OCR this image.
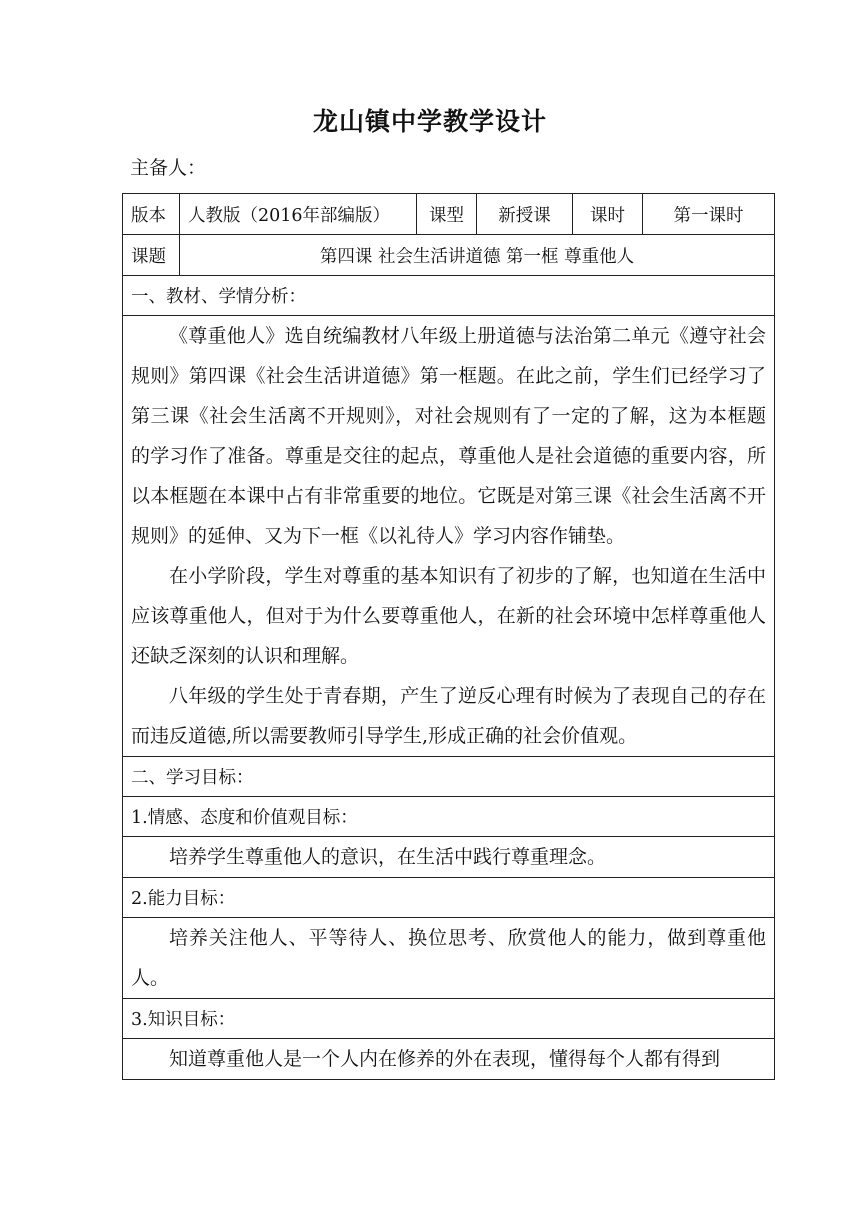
龙山镇中学教学设计
主备人：
版本	人教版（2016年部编版）	课型	新授课	课时	第一课时
课题	第四课 社会生活讲道德 第一框 尊重他人				
一、教材、学情分析：					

《尊重他人》选自统编教材八年级上册道德与法治第二单元《遵守社会规则》第四课《社会生活讲道德》第一框题。在此之前，学生们已经学习了第三课《社会生活离不开规则》，对社会规则有了一定的了解，这为本框题的学习作了准备。尊重是交往的起点，尊重他人是社会道德的重要内容，所以本框题在本课中占有非常重要的地位。它既是对第三课《社会生活离不开规则》的延伸、又为下一框《以礼待人》学习内容作铺垫。

在小学阶段，学生对尊重的基本知识有了初步的了解，也知道在生活中应该尊重他人，但对于为什么要尊重他人，在新的社会环境中怎样尊重他人还缺乏深刻的认识和理解。

八年级的学生处于青春期，产生了逆反心理有时候为了表现自己的存在而违反道德,所以需要教师引导学生,形成正确的社会价值观。					

二、学习目标：					
1.情感、态度和价值观目标：					

培养学生尊重他人的意识，在生活中践行尊重理念。					

2.能力目标：					

培养关注他人、平等待人、换位思考、欣赏他人的能力，做到尊重他人。					

3.知识目标：					

知道尊重他人是一个人内在修养的外在表现，懂得每个人都有得到					
